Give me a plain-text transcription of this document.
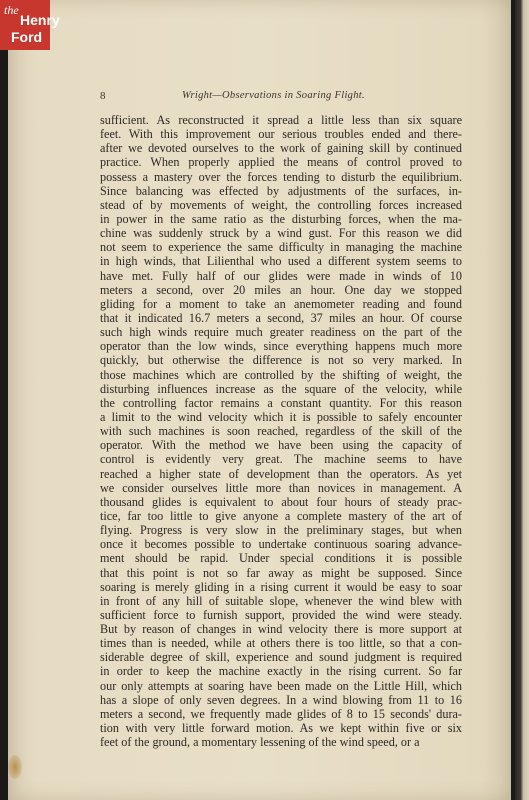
8	Wright—Observations in Soaring Flight.
sufficient. As reconstructed it spread a little less than six square
feet. With this improvement our serious troubles ended and there-
after we devoted ourselves to the work of gaining skill by continued
practice. When properly applied the means of control proved to
possess a mastery over the forces tending to disturb the equilibrium.
Since balancing was effected by adjustments of the surfaces, in-
stead of by movements of weight, the controlling forces increased
in power in the same ratio as the disturbing forces, when the ma-
chine was suddenly struck by a wind gust. For this reason we did
not seem to experience the same difficulty in managing the machine
in high winds, that Lilienthal who used a different system seems to
have met. Fully half of our glides were made in winds of 10
meters a second, over 20 miles an hour. One day we stopped
gliding for a moment to take an anemometer reading and found
that it indicated 16.7 meters a second, 37 miles an hour. Of course
such high winds require much greater readiness on the part of the
operator than the low winds, since everything happens much more
quickly, but otherwise the difference is not so very marked. In
those machines which are controlled by the shifting of weight, the
disturbing influences increase as the square of the velocity, while
the controlling factor remains a constant quantity. For this reason
a limit to the wind velocity which it is possible to safely encounter
with such machines is soon reached, regardless of the skill of the
operator. With the method we have been using the capacity of
control is evidently very great. The machine seems to have
reached a higher state of development than the operators. As yet
we consider ourselves little more than novices in management. A
thousand glides is equivalent to about four hours of steady prac-
tice, far too little to give anyone a complete mastery of the art of
flying. Progress is very slow in the preliminary stages, but when
once it becomes possible to undertake continuous soaring advance-
ment should be rapid. Under special conditions it is possible
that this point is not so far away as might be supposed. Since
soaring is merely gliding in a rising current it would be easy to soar
in front of any hill of suitable slope, whenever the wind blew with
sufficient force to furnish support, provided the wind were steady.
But by reason of changes in wind velocity there is more support at
times than is needed, while at others there is too little, so that a con-
siderable degree of skill, experience and sound judgment is required
in order to keep the machine exactly in the rising current. So far
our only attempts at soaring have been made on the Little Hill, which
has a slope of only seven degrees. In a wind blowing from 11 to 16
meters a second, we frequently made glides of 8 to 15 seconds' dura-
tion with very little forward motion. As we kept within five or six
feet of the ground, a momentary lessening of the wind speed, or a
the
Henry
Ford
